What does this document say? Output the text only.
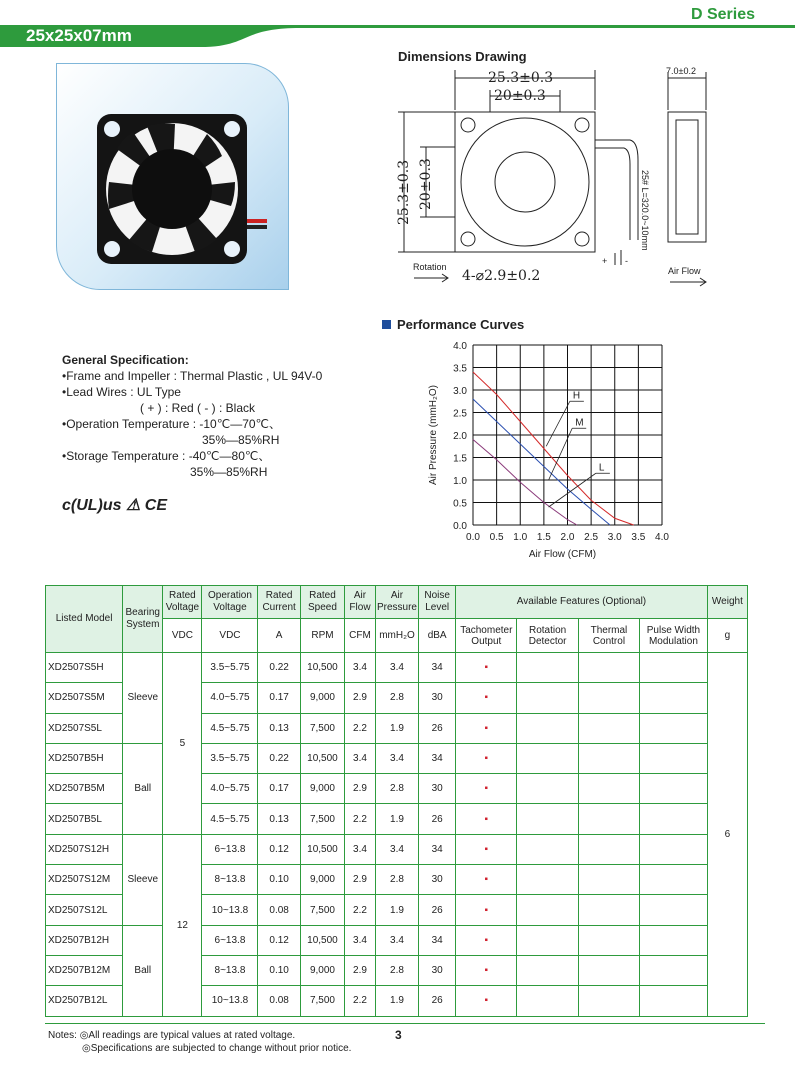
D Series
25x25x07mm
Dimensions Drawing
25.3±0.3
20±0.3
25.3±0.3 20±0.3
4-⌀2.9±0.2
7.0±0.2
25# L=320.0~10mm
Rotation	Air Flow
+ -
Performance Curves
0.0
0.5
1.0
1.5
2.0
2.5
3.0
3.5
4.0
0.0 0.5 1.0 1.5 2.0 2.5 3.0 3.5 4.0
H
M
L
Air Flow (CFM)
Air Pressure (mmH₂O)
General Specification:
•Frame and Impeller : Thermal Plastic , UL 94V-0
•Lead Wires : UL Type
( + ) : Red ( - ) : Black
•Operation Temperature : -10℃—70℃、
35%—85%RH
•Storage Temperature : -40℃—80℃、
35%—85%RH
c(UL)us ⚠ CE
Listed Model	Bearing System	Rated Voltage	Operation Voltage	Rated Current	Rated Speed	Air Flow	Air Pressure	Noise Level	Available Features (Optional)				Weight
		VDC	VDC	A	RPM	CFM	mmH₂O	dBA	Tachometer Output	Rotation Detector	Thermal Control	Pulse Width Modulation	g
XD2507S5H	Sleeve	5	3.5~5.75	0.22	10,500	3.4	3.4	34	▪				6
XD2507S5M			4.0~5.75	0.17	9,000	2.9	2.8	30	▪				
XD2507S5L			4.5~5.75	0.13	7,500	2.2	1.9	26	▪				
XD2507B5H	Ball		3.5~5.75	0.22	10,500	3.4	3.4	34	▪				
XD2507B5M			4.0~5.75	0.17	9,000	2.9	2.8	30	▪				
XD2507B5L			4.5~5.75	0.13	7,500	2.2	1.9	26	▪				
XD2507S12H	Sleeve	12	6~13.8	0.12	10,500	3.4	3.4	34	▪				
XD2507S12M			8~13.8	0.10	9,000	2.9	2.8	30	▪				
XD2507S12L			10~13.8	0.08	7,500	2.2	1.9	26	▪				
XD2507B12H	Ball		6~13.8	0.12	10,500	3.4	3.4	34	▪				
XD2507B12M			8~13.8	0.10	9,000	2.9	2.8	30	▪				
XD2507B12L			10~13.8	0.08	7,500	2.2	1.9	26	▪				
Notes: ◎All readings are typical values at rated voltage.
◎Specifications are subjected to change without prior notice.
3
